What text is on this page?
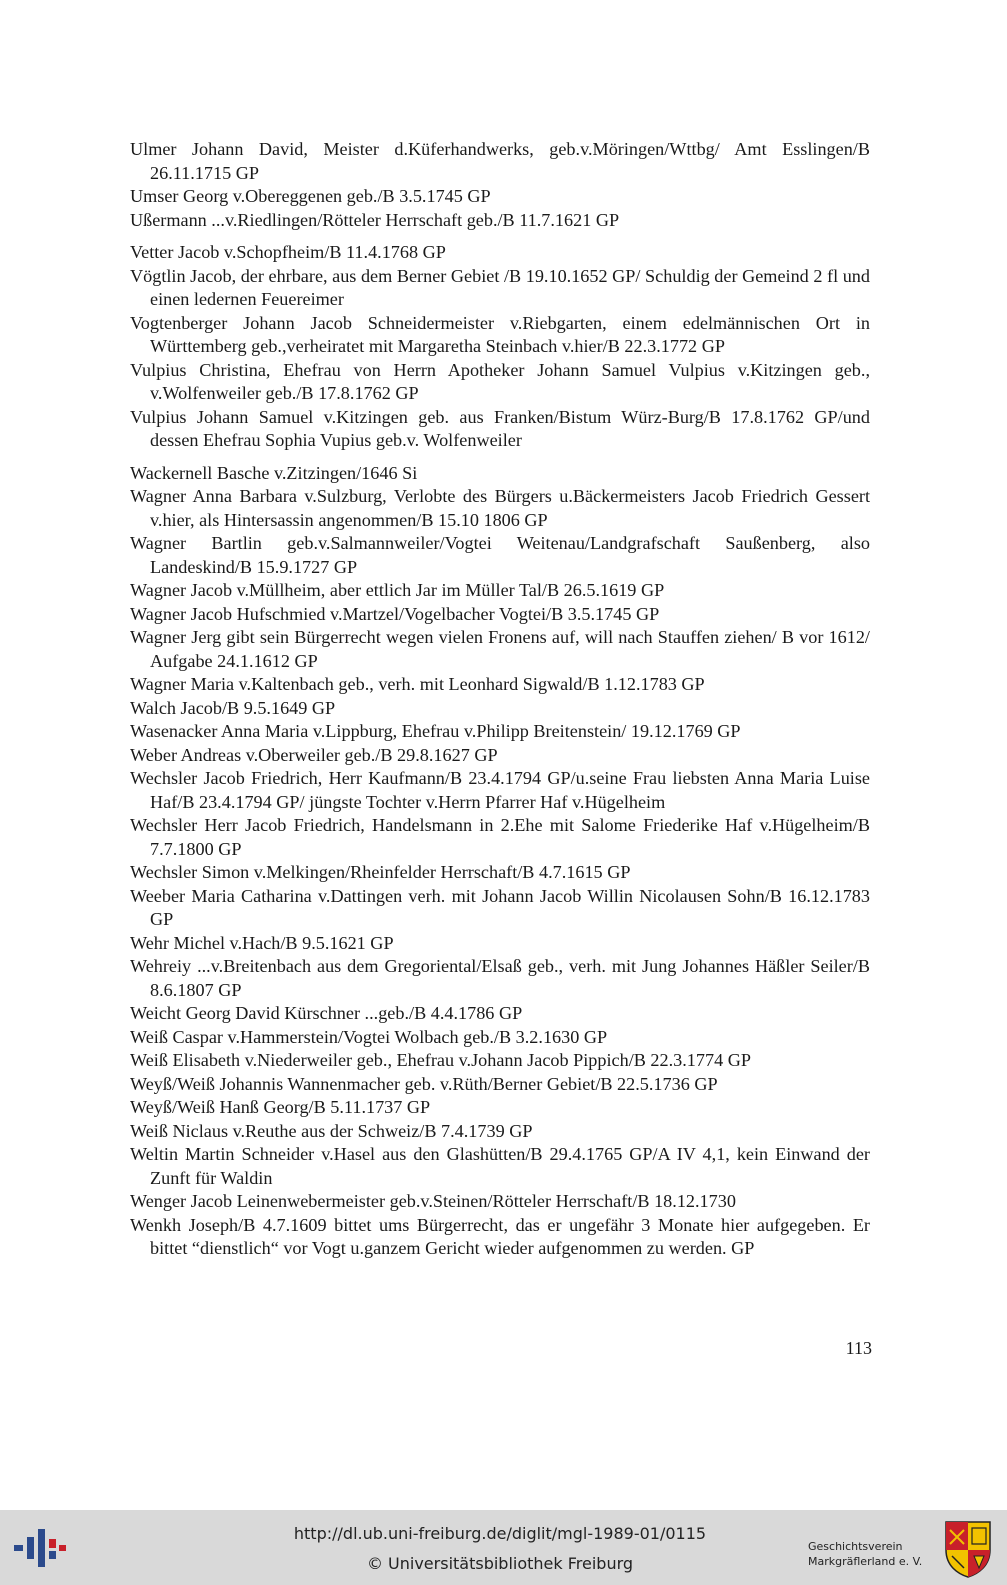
Ulmer Johann David, Meister d.Küferhandwerks, geb.v.Möringen/Wttbg/ Amt Esslingen/B 26.11.1715 GP

Umser Georg v.Obereggenen geb./B 3.5.1745 GP

Ußermann ...v.Riedlingen/Rötteler Herrschaft geb./B 11.7.1621 GP

Vetter Jacob v.Schopfheim/B 11.4.1768 GP

Vögtlin Jacob, der ehrbare, aus dem Berner Gebiet /B 19.10.1652 GP/ Schuldig der Gemeind 2 fl und einen ledernen Feuereimer

Vogtenberger Johann Jacob Schneidermeister v.Riebgarten, einem edelmännischen Ort in Württemberg geb.,verheiratet mit Margaretha Steinbach v.hier/B 22.3.1772 GP

Vulpius Christina, Ehefrau von Herrn Apotheker Johann Samuel Vulpius v.Kitzingen geb., v.Wolfenweiler geb./B 17.8.1762 GP

Vulpius Johann Samuel v.Kitzingen geb. aus Franken/Bistum Würz-Burg/B 17.8.1762 GP/und dessen Ehefrau Sophia Vupius geb.v. Wolfenweiler

Wackernell Basche v.Zitzingen/1646 Si

Wagner Anna Barbara v.Sulzburg, Verlobte des Bürgers u.Bäckermeisters Jacob Friedrich Gessert v.hier, als Hintersassin angenommen/B 15.10 1806 GP

Wagner Bartlin geb.v.Salmannweiler/Vogtei Weitenau/Landgrafschaft Saußenberg, also Landeskind/B 15.9.1727 GP

Wagner Jacob v.Müllheim, aber ettlich Jar im Müller Tal/B 26.5.1619 GP

Wagner Jacob Hufschmied v.Martzel/Vogelbacher Vogtei/B 3.5.1745 GP

Wagner Jerg gibt sein Bürgerrecht wegen vielen Fronens auf, will nach Stauffen ziehen/ B vor 1612/ Aufgabe 24.1.1612 GP

Wagner Maria v.Kaltenbach geb., verh. mit Leonhard Sigwald/B 1.12.1783 GP

Walch Jacob/B 9.5.1649 GP

Wasenacker Anna Maria v.Lippburg, Ehefrau v.Philipp Breitenstein/ 19.12.1769 GP

Weber Andreas v.Oberweiler geb./B 29.8.1627 GP

Wechsler Jacob Friedrich, Herr Kaufmann/B 23.4.1794 GP/u.seine Frau liebsten Anna Maria Luise Haf/B 23.4.1794 GP/ jüngste Tochter v.Herrn Pfarrer Haf v.Hügelheim

Wechsler Herr Jacob Friedrich, Handelsmann in 2.Ehe mit Salome Friederike Haf v.Hügelheim/B 7.7.1800 GP

Wechsler Simon v.Melkingen/Rheinfelder Herrschaft/B 4.7.1615 GP

Weeber Maria Catharina v.Dattingen verh. mit Johann Jacob Willin Nicolausen Sohn/B 16.12.1783 GP

Wehr Michel v.Hach/B 9.5.1621 GP

Wehreiy ...v.Breitenbach aus dem Gregoriental/Elsaß geb., verh. mit Jung Johannes Häßler Seiler/B 8.6.1807 GP

Weicht Georg David Kürschner ...geb./B 4.4.1786 GP

Weiß Caspar v.Hammerstein/Vogtei Wolbach geb./B 3.2.1630 GP

Weiß Elisabeth v.Niederweiler geb., Ehefrau v.Johann Jacob Pippich/B 22.3.1774 GP

Weyß/Weiß Johannis Wannenmacher geb. v.Rüth/Berner Gebiet/B 22.5.1736 GP

Weyß/Weiß Hanß Georg/B 5.11.1737 GP

Weiß Niclaus v.Reuthe aus der Schweiz/B 7.4.1739 GP

Weltin Martin Schneider v.Hasel aus den Glashütten/B 29.4.1765 GP/A IV 4,1, kein Einwand der Zunft für Waldin

Wenger Jacob Leinenwebermeister geb.v.Steinen/Rötteler Herrschaft/B 18.12.1730

Wenkh Joseph/B 4.7.1609 bittet ums Bürgerrecht, das er ungefähr 3 Monate hier aufgegeben. Er bittet “dienstlich“ vor Vogt u.ganzem Gericht wieder aufgenommen zu werden. GP

113
http://dl.ub.uni-freiburg.de/diglit/mgl-1989-01/0115
© Universitätsbibliothek Freiburg
Geschichtsverein
Markgräflerland e. V.
